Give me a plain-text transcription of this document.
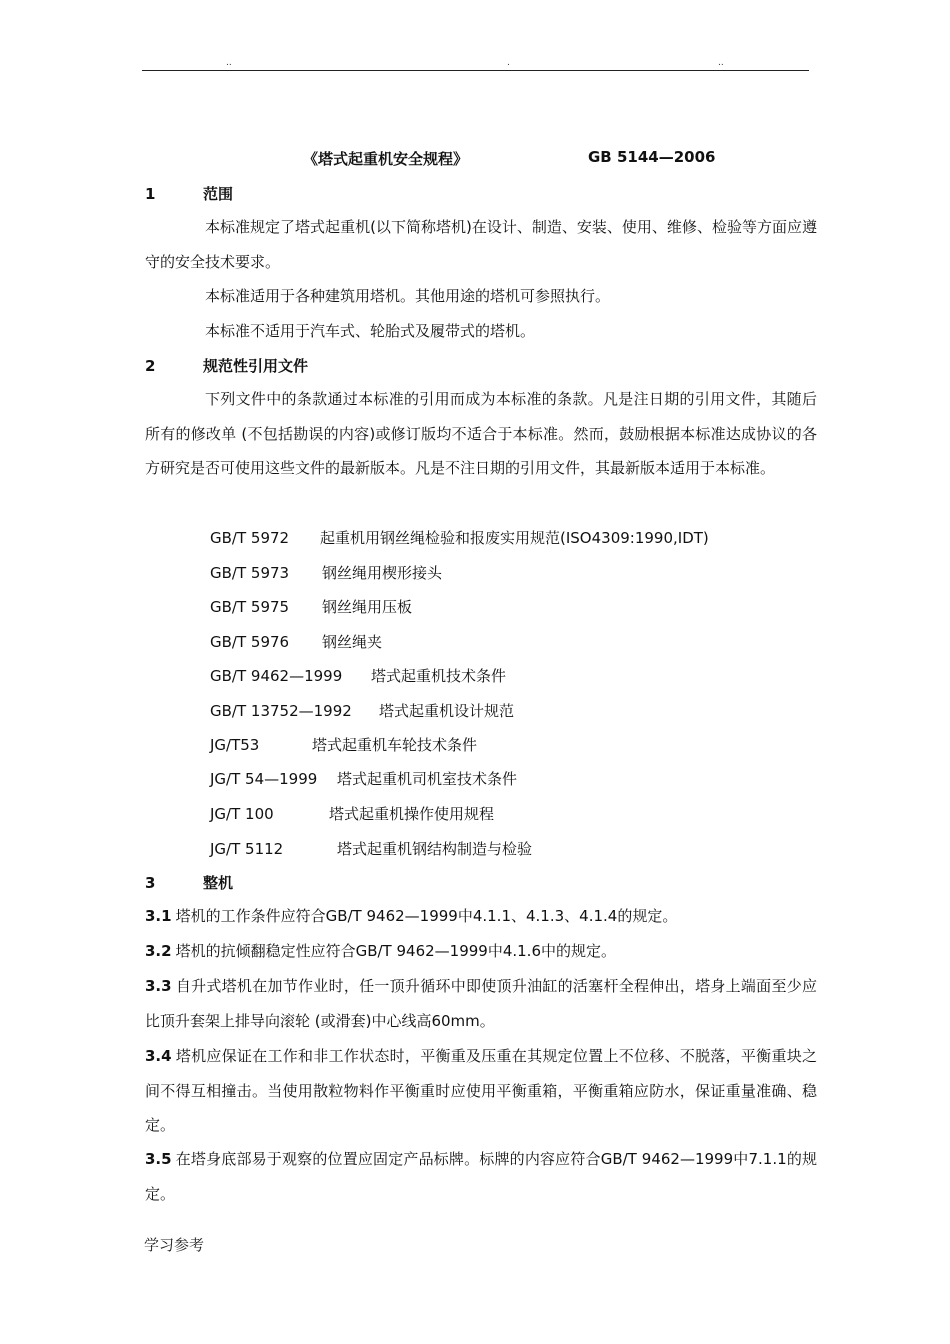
..	.	..
《塔式起重机安全规程》	GB 5144—2006
1	范围
本标准规定了塔式起重机(以下简称塔机)在设计、制造、安装、使用、维修、检验等方面应遵守的安全技术要求。
本标准适用于各种建筑用塔机。其他用途的塔机可参照执行。
本标准不适用于汽车式、轮胎式及履带式的塔机。
2	规范性引用文件
下列文件中的条款通过本标准的引用而成为本标准的条款。凡是注日期的引用文件，其随后所有的修改单 (不包括勘误的内容)或修订版均不适合于本标准。然而，鼓励根据本标准达成协议的各方研究是否可使用这些文件的最新版本。凡是不注日期的引用文件，其最新版本适用于本标准。
GB/T 5972 起重机用钢丝绳检验和报废实用规范(ISO4309:1990,IDT)
GB/T 5973 钢丝绳用楔形接头
GB/T 5975 钢丝绳用压板
GB/T 5976 钢丝绳夹
GB/T 9462—1999 塔式起重机技术条件
GB/T 13752—1992 塔式起重机设计规范
JG/T53	塔式起重机车轮技术条件
JG/T 54—1999 塔式起重机司机室技术条件
JG/T 100	塔式起重机操作使用规程
JG/T 5112	塔式起重机钢结构制造与检验
3	整机
3.1 塔机的工作条件应符合GB/T 9462—1999中4.1.1、4.1.3、4.1.4的规定。
3.2 塔机的抗倾翻稳定性应符合GB/T 9462—1999中4.1.6中的规定。
3.3 自升式塔机在加节作业时，任一顶升循环中即使顶升油缸的活塞杆全程伸出，塔身上端面至少应比顶升套架上排导向滚轮 (或滑套)中心线高60mm。
3.4 塔机应保证在工作和非工作状态时，平衡重及压重在其规定位置上不位移、不脱落，平衡重块之间不得互相撞击。当使用散粒物料作平衡重时应使用平衡重箱，平衡重箱应防水，保证重量准确、稳定。
3.5 在塔身底部易于观察的位置应固定产品标牌。标牌的内容应符合GB/T 9462—1999中7.1.1的规定。
学习参考
